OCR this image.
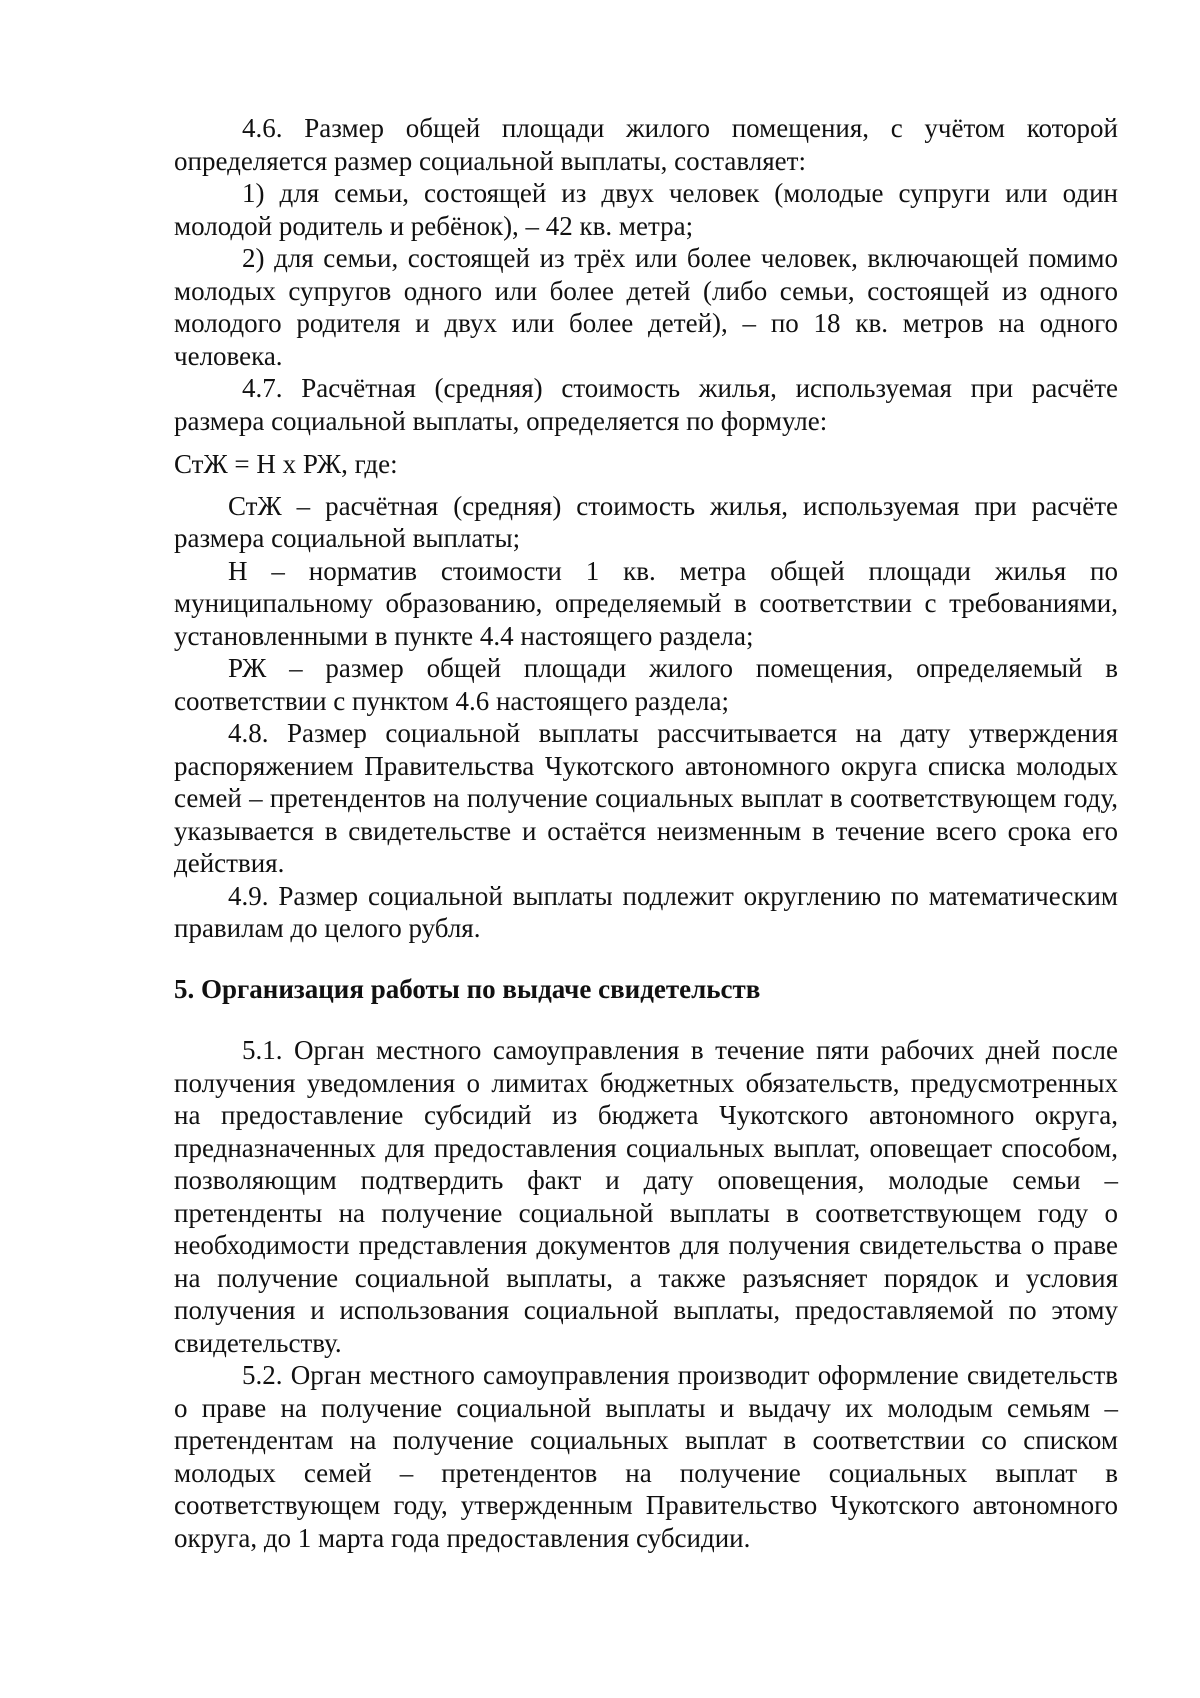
4.6. Размер общей площади жилого помещения, с учётом которой определяется размер социальной выплаты, составляет:

1) для семьи, состоящей из двух человек (молодые супруги или один молодой родитель и ребёнок), – 42 кв. метра;

2) для семьи, состоящей из трёх или более человек, включающей помимо молодых супругов одного или более детей (либо семьи, состоящей из одного молодого родителя и двух или более детей), – по 18 кв. метров на одного человека.

4.7. Расчётная (средняя) стоимость жилья, используемая при расчёте размера социальной выплаты, определяется по формуле:

СтЖ = Н х РЖ, где:

СтЖ – расчётная (средняя) стоимость жилья, используемая при расчёте размера социальной выплаты;

Н – норматив стоимости 1 кв. метра общей площади жилья по муниципальному образованию, определяемый в соответствии с требованиями, установленными в пункте 4.4 настоящего раздела;

РЖ – размер общей площади жилого помещения, определяемый в соответствии с пунктом 4.6 настоящего раздела;

4.8. Размер социальной выплаты рассчитывается на дату утверждения распоряжением Правительства Чукотского автономного округа списка молодых семей – претендентов на получение социальных выплат в соответствующем году, указывается в свидетельстве и остаётся неизменным в течение всего срока его действия.

4.9. Размер социальной выплаты подлежит округлению по математическим правилам до целого рубля.

5. Организация работы по выдаче свидетельств

5.1. Орган местного самоуправления в течение пяти рабочих дней после получения уведомления о лимитах бюджетных обязательств, предусмотренных на предоставление субсидий из бюджета Чукотского автономного округа, предназначенных для предоставления социальных выплат, оповещает способом, позволяющим подтвердить факт и дату оповещения, молодые семьи – претенденты на получение социальной выплаты в соответствующем году о необходимости представления документов для получения свидетельства о праве на получение социальной выплаты, а также разъясняет порядок и условия получения и использования социальной выплаты, предоставляемой по этому свидетельству.

5.2. Орган местного самоуправления производит оформление свидетельств о праве на получение социальной выплаты и выдачу их молодым семьям – претендентам на получение социальных выплат в соответствии со списком молодых семей – претендентов на получение социальных выплат в соответствующем году, утвержденным Правительство Чукотского автономного округа, до 1 марта года предоставления субсидии.
